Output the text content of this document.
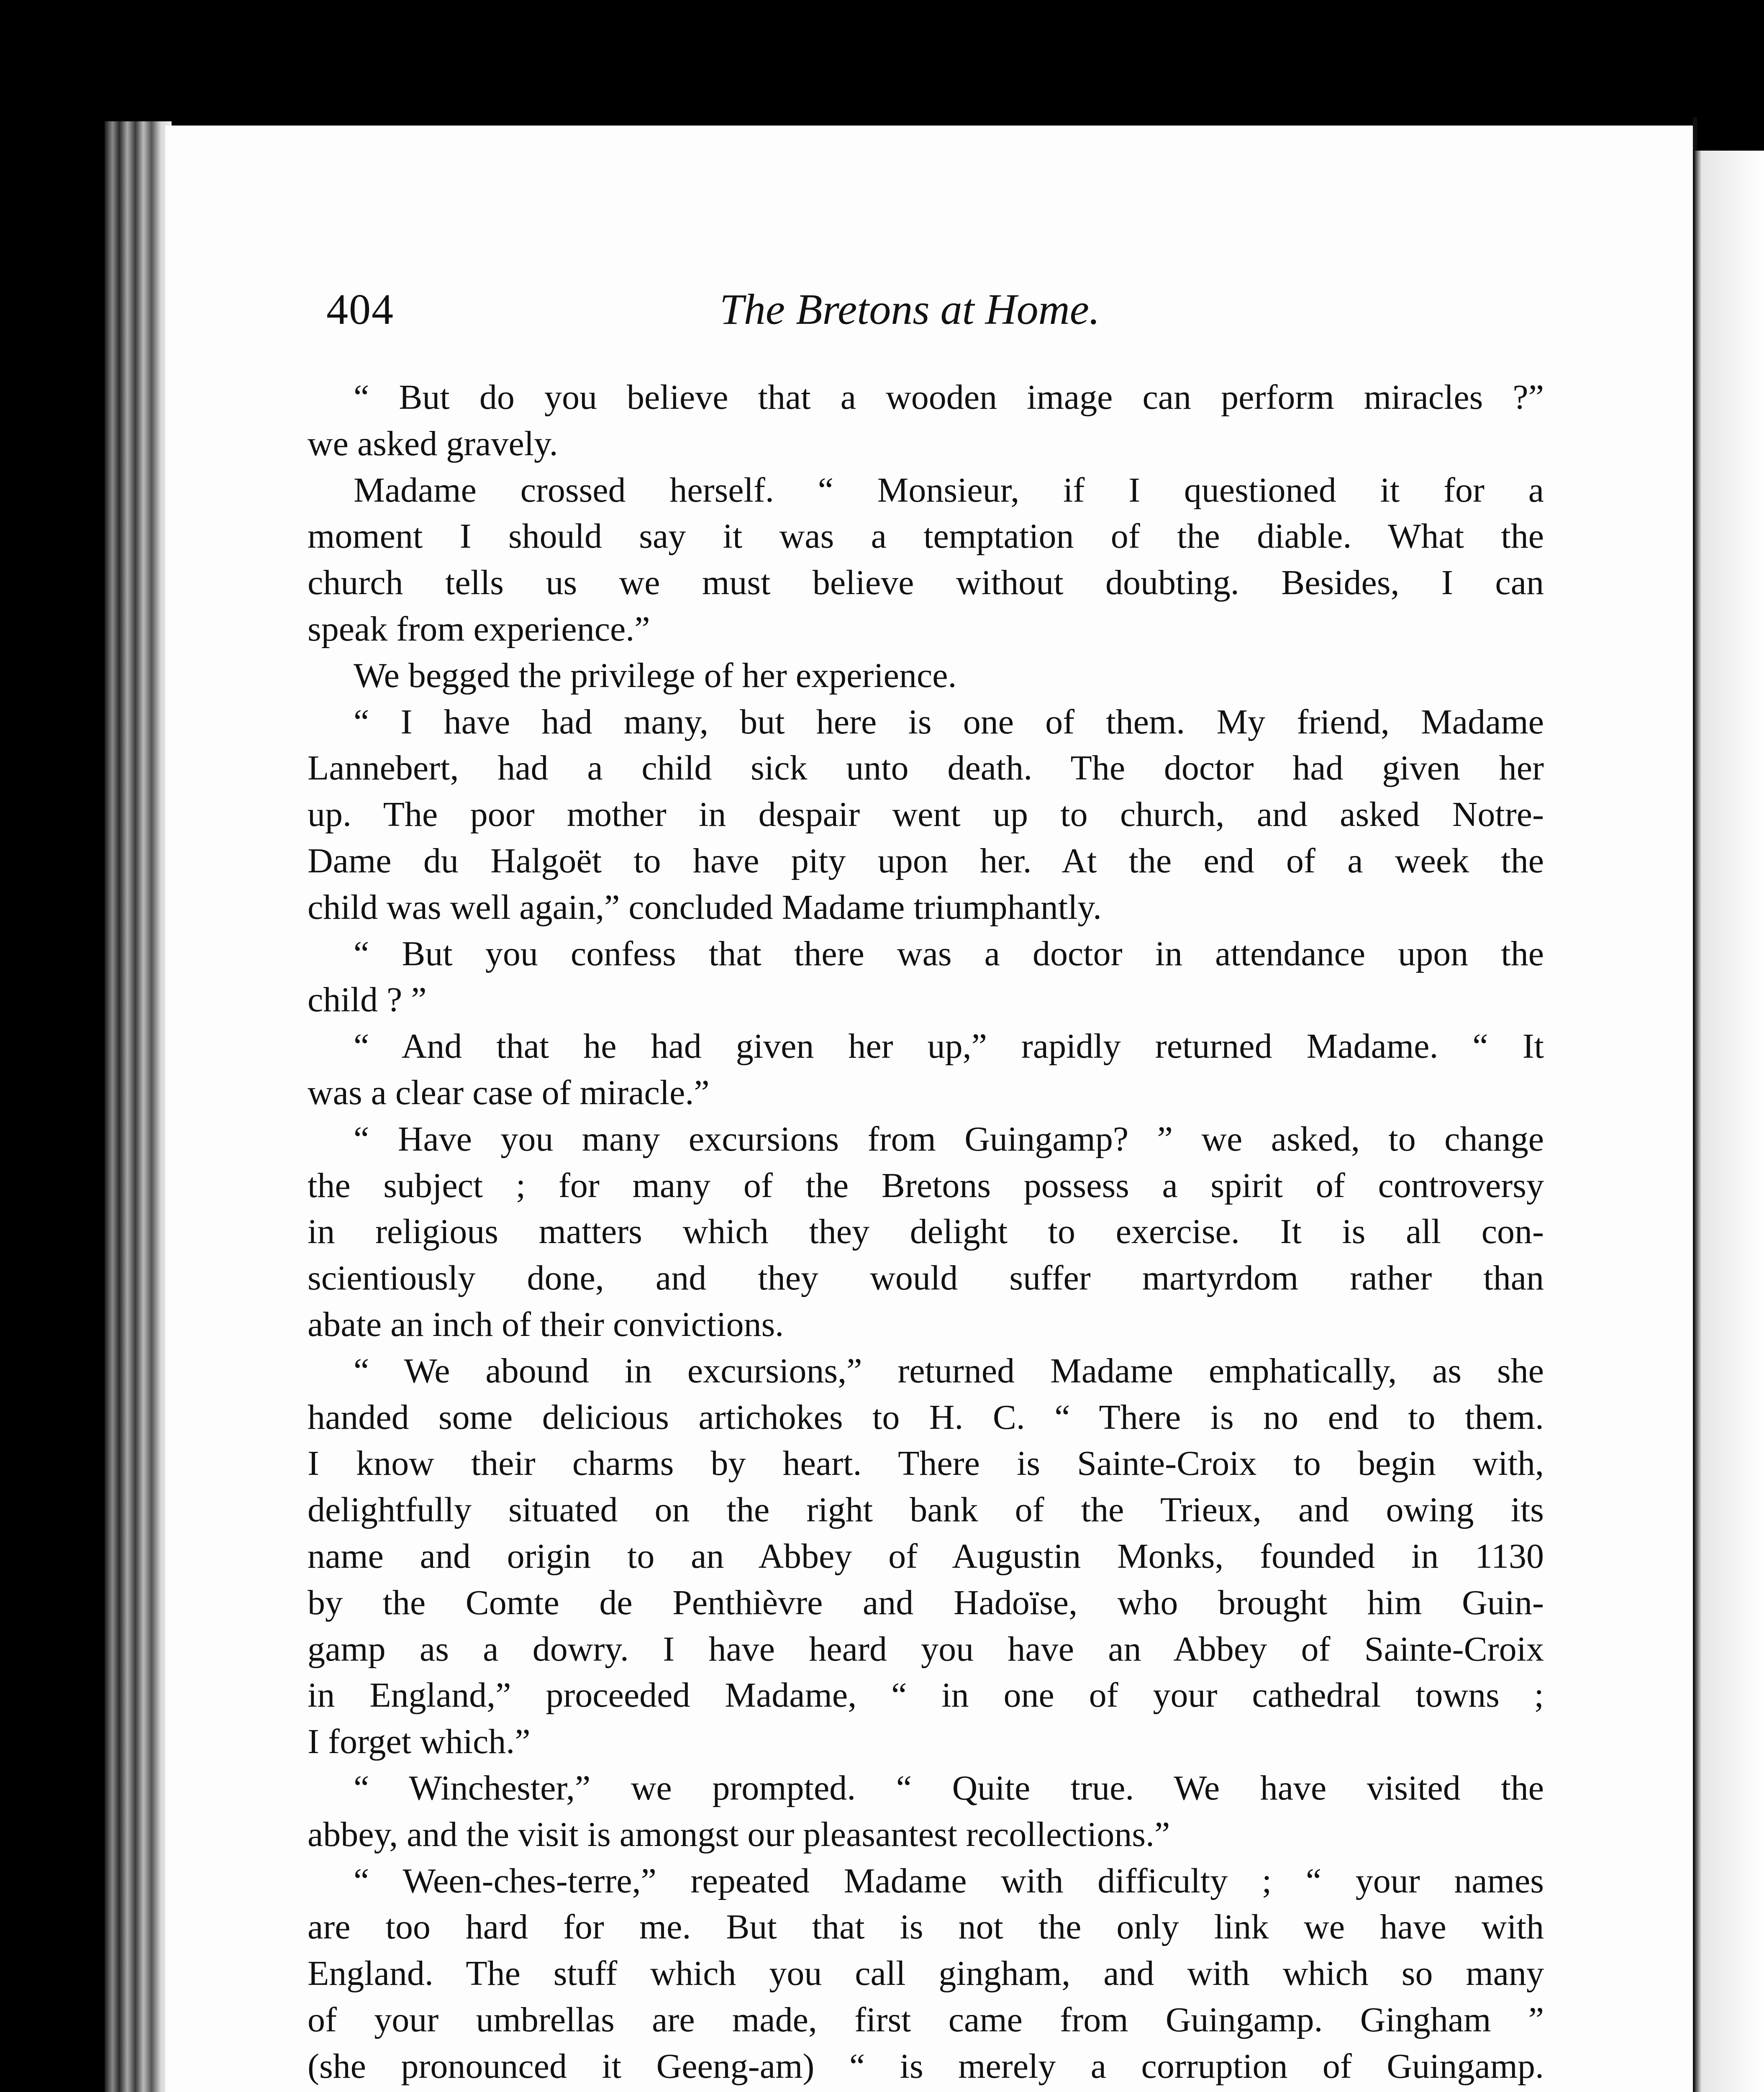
404	The Bretons at Home.
“ But do you believe that a wooden image can perform miracles ?”
we asked gravely.
Madame crossed herself. “ Monsieur, if I questioned it for a
moment I should say it was a temptation of the diable. What the
church tells us we must believe without doubting. Besides, I can
speak from experience.”
We begged the privilege of her experience.
“ I have had many, but here is one of them. My friend, Madame
Lannebert, had a child sick unto death. The doctor had given her
up. The poor mother in despair went up to church, and asked Notre-
Dame du Halgoët to have pity upon her. At the end of a week the
child was well again,” concluded Madame triumphantly.
“ But you confess that there was a doctor in attendance upon the
child ? ”
“ And that he had given her up,” rapidly returned Madame. “ It
was a clear case of miracle.”
“ Have you many excursions from Guingamp? ” we asked, to change
the subject ; for many of the Bretons possess a spirit of controversy
in religious matters which they delight to exercise. It is all con-
scientiously done, and they would suffer martyrdom rather than
abate an inch of their convictions.
“ We abound in excursions,” returned Madame emphatically, as she
handed some delicious artichokes to H. C. “ There is no end to them.
I know their charms by heart. There is Sainte-Croix to begin with,
delightfully situated on the right bank of the Trieux, and owing its
name and origin to an Abbey of Augustin Monks, founded in 1130
by the Comte de Penthièvre and Hadoïse, who brought him Guin-
gamp as a dowry. I have heard you have an Abbey of Sainte-Croix
in England,” proceeded Madame, “ in one of your cathedral towns ;
I forget which.”
“ Winchester,” we prompted. “ Quite true. We have visited the
abbey, and the visit is amongst our pleasantest recollections.”
“ Ween-ches-terre,” repeated Madame with difficulty ; “ your names
are too hard for me. But that is not the only link we have with
England. The stuff which you call gingham, and with which so many
of your umbrellas are made, first came from Guingamp. Gingham ”
(she pronounced it Geeng-am) “ is merely a corruption of Guingamp.
